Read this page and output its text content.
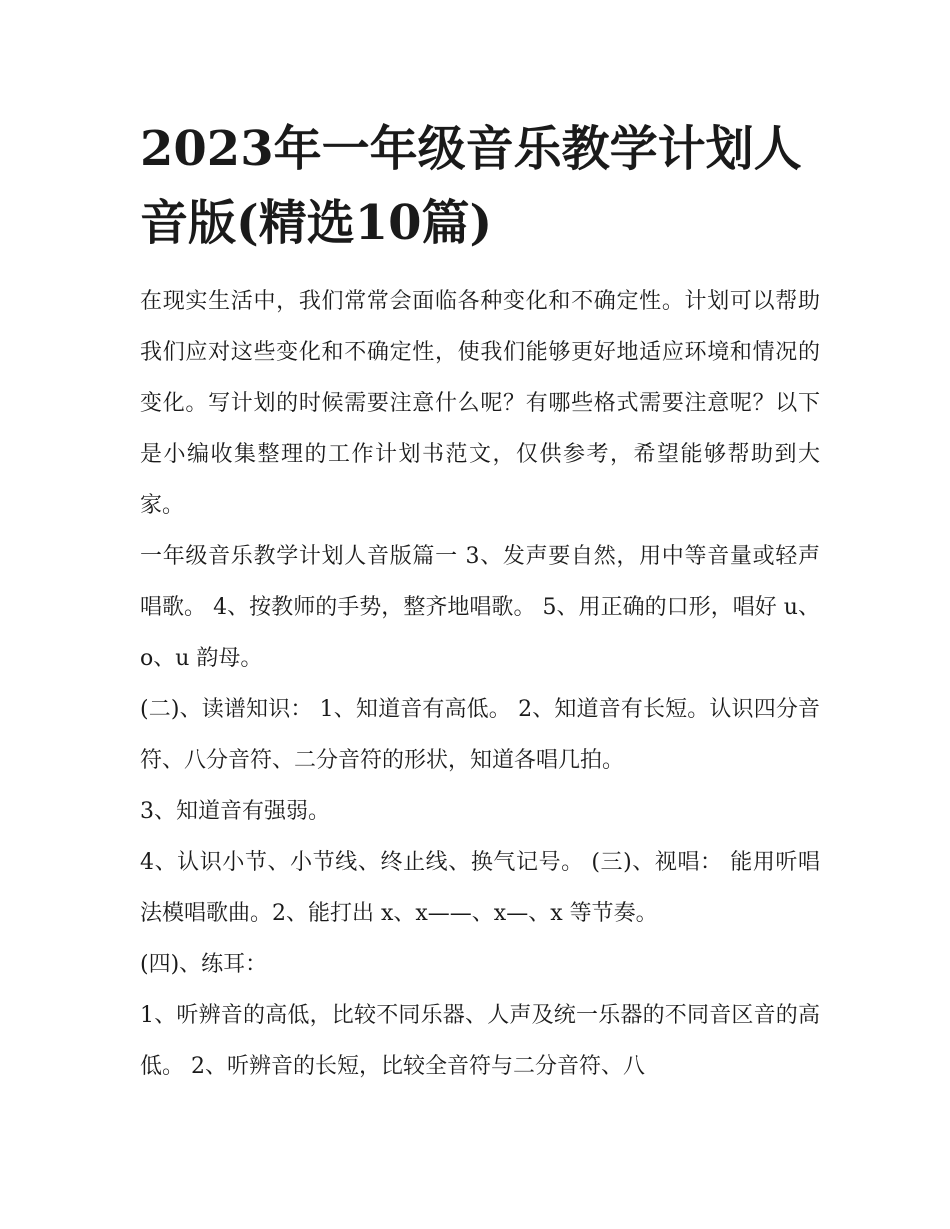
2023年一年级音乐教学计划人音版(精选10篇)

在现实生活中，我们常常会面临各种变化和不确定性。计划可以帮助我们应对这些变化和不确定性，使我们能够更好地适应环境和情况的变化。写计划的时候需要注意什么呢？有哪些格式需要注意呢？以下是小编收集整理的工作计划书范文，仅供参考，希望能够帮助到大家。

一年级音乐教学计划人音版篇一 3、发声要自然，用中等音量或轻声唱歌。 4、按教师的手势，整齐地唱歌。 5、用正确的口形，唱好 u、o、u 韵母。

(二)、读谱知识： 1、知道音有高低。 2、知道音有长短。认识四分音符、八分音符、二分音符的形状，知道各唱几拍。

3、知道音有强弱。

4、认识小节、小节线、终止线、换气记号。 (三)、视唱： 能用听唱法模唱歌曲。2、能打出 x、x——、x—、x 等节奏。

(四)、练耳：

1、听辨音的高低，比较不同乐器、人声及统一乐器的不同音区音的高低。 2、听辨音的长短，比较全音符与二分音符、八
